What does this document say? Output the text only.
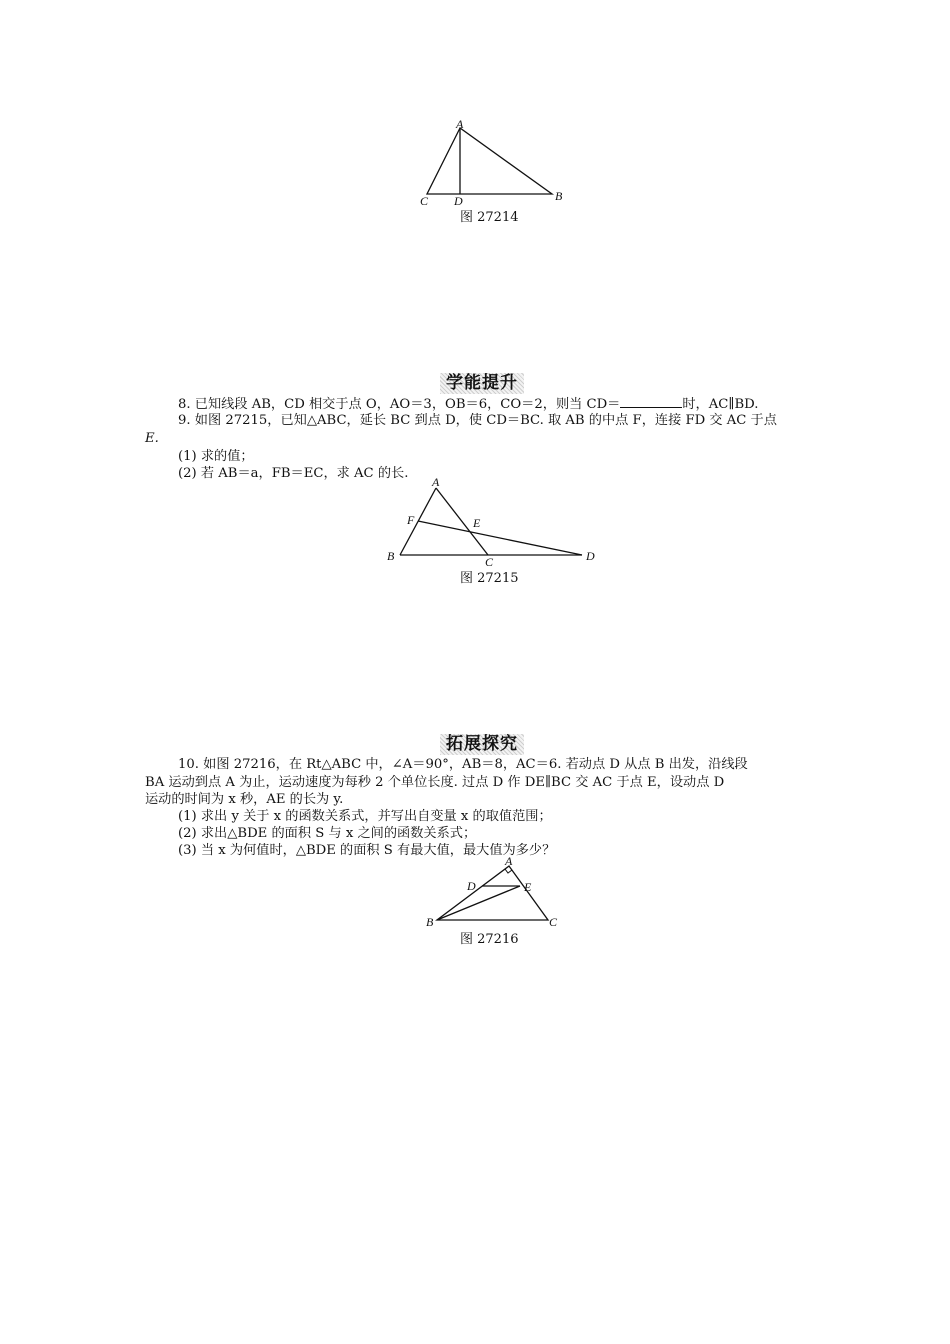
A
C D	B
图 27214
学能提升
8. 已知线段 AB，CD 相交于点 O，AO＝3，OB＝6，CO＝2，则当 CD＝	时，AC∥BD.
9. 如图 27215，已知△ABC，延长 BC 到点 D，使 CD＝BC. 取 AB 的中点 F，连接 FD 交 AC 于点
E.
(1) 求的值；
(2) 若 AB＝a，FB＝EC，求 AC 的长.
A
F	E
B	C	D
图 27215
拓展探究
10. 如图 27216，在 Rt△ABC 中，∠A＝90°，AB＝8，AC＝6. 若动点 D 从点 B 出发，沿线段
BA 运动到点 A 为止，运动速度为每秒 2 个单位长度. 过点 D 作 DE∥BC 交 AC 于点 E，设动点 D
运动的时间为 x 秒，AE 的长为 y.
(1) 求出 y 关于 x 的函数关系式，并写出自变量 x 的取值范围；
(2) 求出△BDE 的面积 S 与 x 之间的函数关系式；
(3) 当 x 为何值时，△BDE 的面积 S 有最大值，最大值为多少？
A
D	E
B	C
图 27216
